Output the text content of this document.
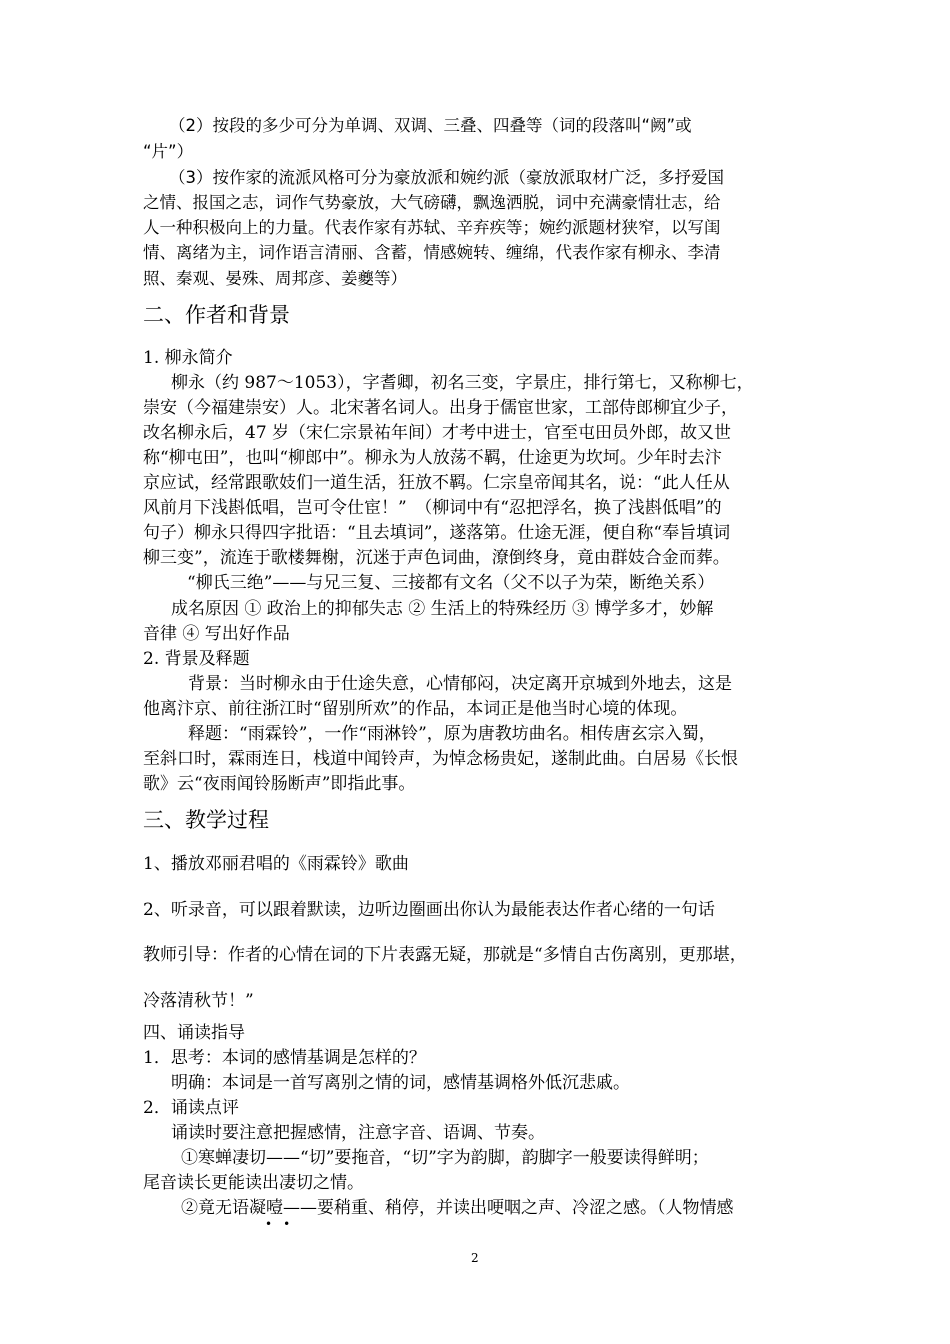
（2）按段的多少可分为单调、双调、三叠、四叠等（词的段落叫“阙”或
“片”）
（3）按作家的流派风格可分为豪放派和婉约派（豪放派取材广泛，多抒爱国
之情、报国之志，词作气势豪放，大气磅礴，飘逸洒脱，词中充满豪情壮志，给
人一种积极向上的力量。代表作家有苏轼、辛弃疾等；婉约派题材狭窄，以写闺
情、离绪为主，词作语言清丽、含蓄，情感婉转、缠绵，代表作家有柳永、李清
照、秦观、晏殊、周邦彦、姜夔等）
二、作者和背景
1. 柳永简介
柳永（约 987～1053），字耆卿，初名三变，字景庄，排行第七，又称柳七，
崇安（今福建崇安）人。北宋著名词人。出身于儒宦世家，工部侍郎柳宜少子，
改名柳永后，47 岁（宋仁宗景祐年间）才考中进士，官至屯田员外郎，故又世
称“柳屯田”，也叫“柳郎中”。柳永为人放荡不羁，仕途更为坎坷。少年时去汴
京应试，经常跟歌妓们一道生活，狂放不羁。仁宗皇帝闻其名，说：“此人任从
风前月下浅斟低唱，岂可令仕宦！”　（柳词中有“忍把浮名，换了浅斟低唱”的
句子）柳永只得四字批语：“且去填词”，遂落第。仕途无涯，便自称“奉旨填词
柳三变”，流连于歌楼舞榭，沉迷于声色词曲，潦倒终身，竟由群妓合金而葬。
“柳氏三绝”——与兄三复、三接都有文名（父不以子为荣，断绝关系）
成名原因 ① 政治上的抑郁失志 ② 生活上的特殊经历 ③ 博学多才，妙解
音律 ④ 写出好作品
2. 背景及释题
背景：当时柳永由于仕途失意，心情郁闷，决定离开京城到外地去，这是
他离汴京、前往浙江时“留别所欢”的作品，本词正是他当时心境的体现。
释题：“雨霖铃”，一作“雨淋铃”，原为唐教坊曲名。相传唐玄宗入蜀，
至斜口时，霖雨连日，栈道中闻铃声，为悼念杨贵妃，遂制此曲。白居易《长恨
歌》云“夜雨闻铃肠断声”即指此事。
三、教学过程
1、播放邓丽君唱的《雨霖铃》歌曲
2、听录音，可以跟着默读，边听边圈画出你认为最能表达作者心绪的一句话
教师引导：作者的心情在词的下片表露无疑，那就是“多情自古伤离别，更那堪，
冷落清秋节！”
四、诵读指导
1．思考：本词的感情基调是怎样的？
明确：本词是一首写离别之情的词，感情基调格外低沉悲戚。
2．诵读点评
诵读时要注意把握感情，注意字音、语调、节奏。
①寒蝉凄切——“切”要拖音，“切”字为韵脚，韵脚字一般要读得鲜明；
尾音读长更能读出凄切之情。
②竟无语凝噎——要稍重、稍停，并读出哽咽之声、冷涩之感。（人物情感
••
2
